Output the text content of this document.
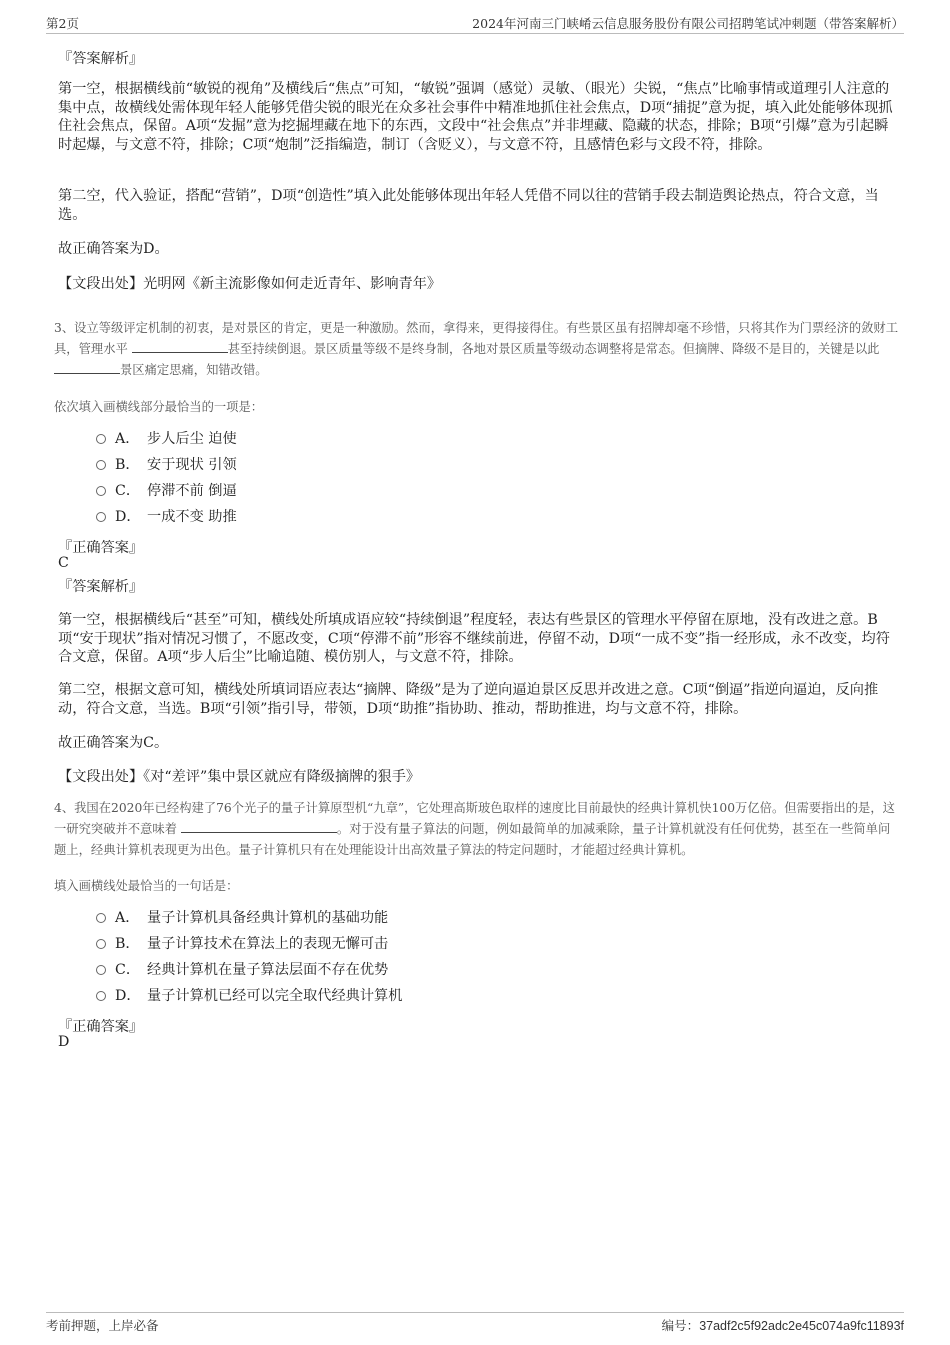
第2页	2024年河南三门峡崤云信息服务股份有限公司招聘笔试冲刺题（带答案解析）
『答案解析』
第一空，根据横线前“敏锐的视角”及横线后“焦点”可知，“敏锐”强调（感觉）灵敏、（眼光）尖锐，“焦点”比喻事情或道理引人注意的集中点，故横线处需体现年轻人能够凭借尖锐的眼光在众多社会事件中精准地抓住社会焦点，D项“捕捉”意为捉，填入此处能够体现抓住社会焦点，保留。A项“发掘”意为挖掘埋藏在地下的东西，文段中“社会焦点”并非埋藏、隐藏的状态，排除；B项“引爆”意为引起瞬时起爆，与文意不符，排除；C项“炮制”泛指编造，制订（含贬义），与文意不符，且感情色彩与文段不符，排除。
第二空，代入验证，搭配“营销”，D项“创造性”填入此处能够体现出年轻人凭借不同以往的营销手段去制造舆论热点，符合文意，当选。
故正确答案为D。
【文段出处】光明网《新主流影像如何走近青年、影响青年》
3、设立等级评定机制的初衷，是对景区的肯定，更是一种激励。然而，拿得来，更得接得住。有些景区虽有招牌却毫不珍惜，只将其作为门票经济的敛财工具，管理水平	甚至持续倒退。景区质量等级不是终身制，各地对景区质量等级动态调整将是常态。但摘牌、降级不是目的，关键是以此 景区痛定思痛，知错改错。
依次填入画横线部分最恰当的一项是：
A． 步人后尘 迫使
B． 安于现状 引领
C． 停滞不前 倒逼
D． 一成不变 助推
『正确答案』
C
『答案解析』
第一空，根据横线后“甚至”可知，横线处所填成语应较“持续倒退”程度轻，表达有些景区的管理水平停留在原地，没有改进之意。B项“安于现状”指对情况习惯了，不愿改变，C项“停滞不前”形容不继续前进，停留不动，D项“一成不变”指一经形成，永不改变，均符合文意，保留。A项“步人后尘”比喻追随、模仿别人，与文意不符，排除。
第二空，根据文意可知，横线处所填词语应表达“摘牌、降级”是为了逆向逼迫景区反思并改进之意。C项“倒逼”指逆向逼迫，反向推动，符合文意，当选。B项“引领”指引导，带领，D项“助推”指协助、推动，帮助推进，均与文意不符，排除。
故正确答案为C。
【文段出处】《对“差评”集中景区就应有降级摘牌的狠手》
4、我国在2020年已经构建了76个光子的量子计算原型机“九章”，它处理高斯玻色取样的速度比目前最快的经典计算机快100万亿倍。但需要指出的是，这一研究突破并不意味着	。对于没有量子算法的问题，例如最简单的加减乘除，量子计算机就没有任何优势，甚至在一些简单问题上，经典计算机表现更为出色。量子计算机只有在处理能设计出高效量子算法的特定问题时，才能超过经典计算机。
填入画横线处最恰当的一句话是：
A． 量子计算机具备经典计算机的基础功能
B． 量子计算技术在算法上的表现无懈可击
C． 经典计算机在量子算法层面不存在优势
D． 量子计算机已经可以完全取代经典计算机
『正确答案』
D
考前押题，上岸必备	编号：37adf2c5f92adc2e45c074a9fc11893f
